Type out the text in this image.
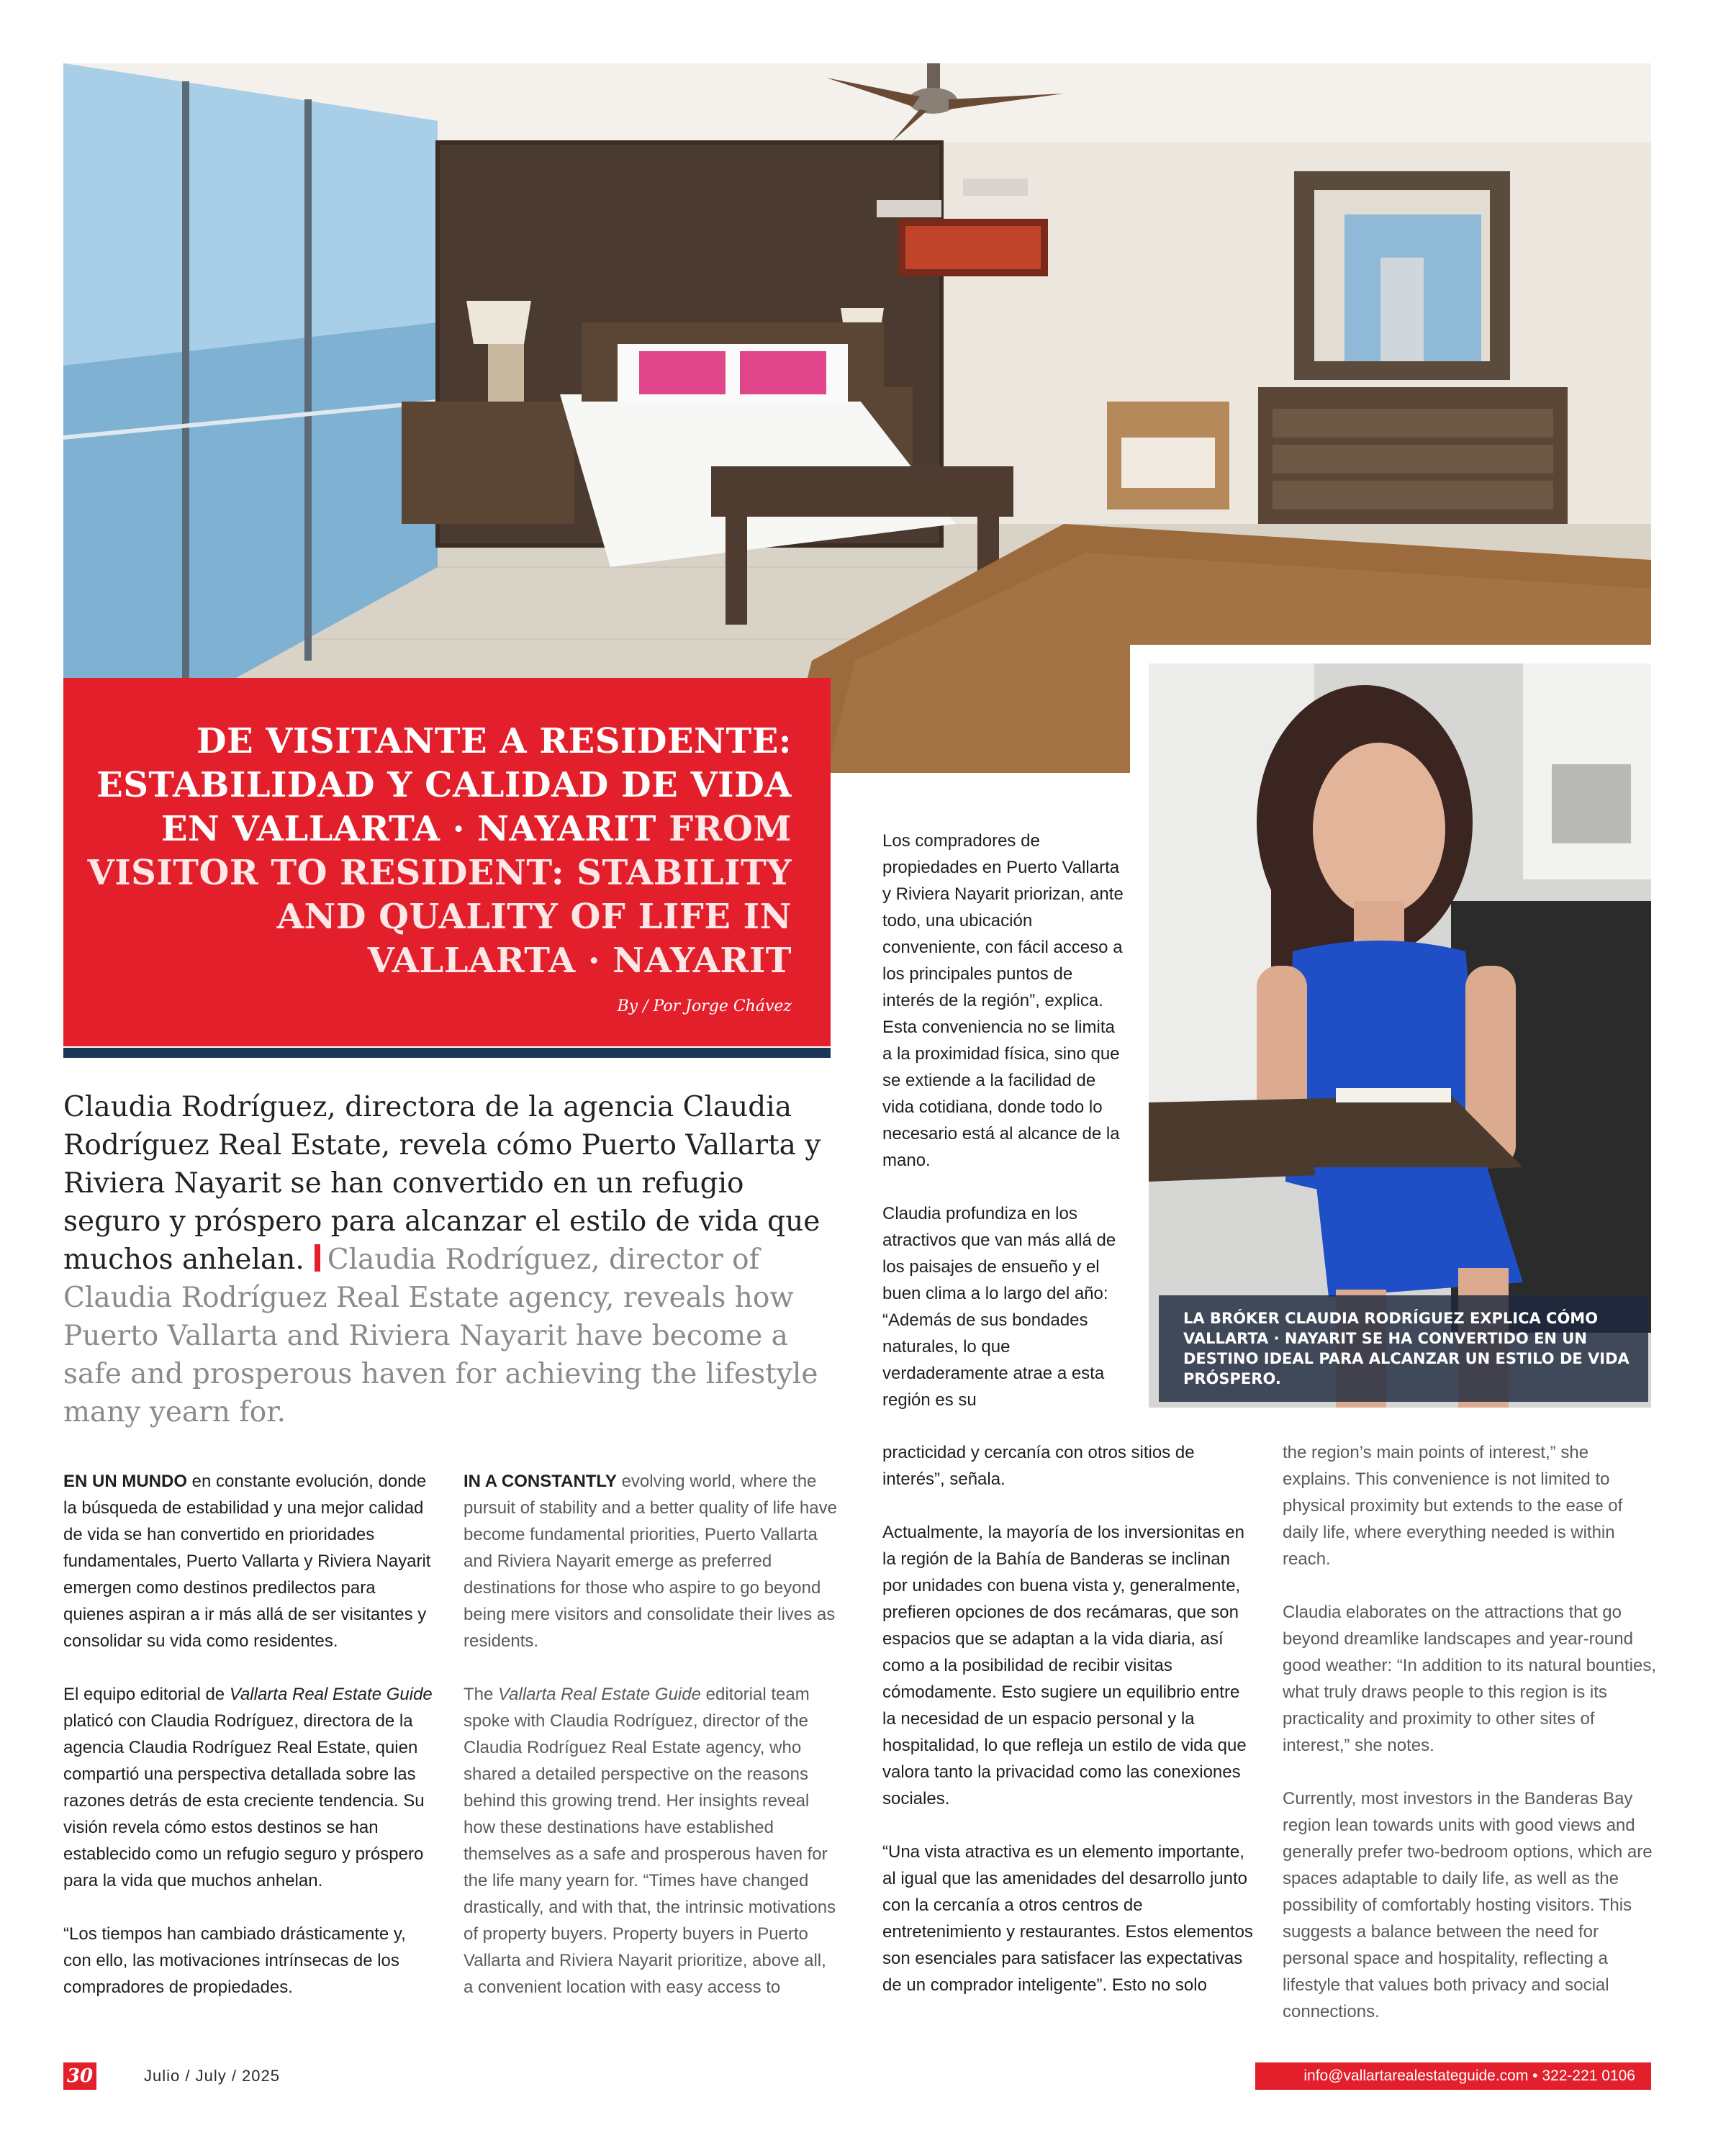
DE VISITANTE A RESIDENTE: ESTABILIDAD Y CALIDAD DE VIDA EN VALLARTA · NAYARIT FROM VISITOR TO RESIDENT: STABILITY AND QUALITY OF LIFE IN VALLARTA · NAYARIT
By / Por Jorge Chávez

LA BRÓKER CLAUDIA RODRÍGUEZ EXPLICA CÓMO VALLARTA · NAYARIT SE HA CONVERTIDO EN UN DESTINO IDEAL PARA ALCANZAR UN ESTILO DE VIDA PRÓSPERO.

Claudia Rodríguez, directora de la agencia Claudia Rodríguez Real Estate, revela cómo Puerto Vallarta y Riviera Nayarit se han convertido en un refugio seguro y próspero para alcanzar el estilo de vida que muchos anhelan. Claudia Rodríguez, director of Claudia Rodríguez Real Estate agency, reveals how Puerto Vallarta and Riviera Nayarit have become a safe and prosperous haven for achieving the lifestyle many yearn for.

EN UN MUNDO en constante evolución, donde la búsqueda de estabilidad y una mejor calidad de vida se han convertido en prioridades fundamentales, Puerto Vallarta y Riviera Nayarit emergen como destinos predilectos para quienes aspiran a ir más allá de ser visitantes y consolidar su vida como residentes.

El equipo editorial de Vallarta Real Estate Guide platicó con Claudia Rodríguez, directora de la agencia Claudia Rodríguez Real Estate, quien compartió una perspectiva detallada sobre las razones detrás de esta creciente tendencia. Su visión revela cómo estos destinos se han establecido como un refugio seguro y próspero para la vida que muchos anhelan.

“Los tiempos han cambiado drásticamente y, con ello, las motivaciones intrínsecas de los compradores de propiedades.

IN A CONSTANTLY evolving world, where the pursuit of stability and a better quality of life have become fundamental priorities, Puerto Vallarta and Riviera Nayarit emerge as preferred destinations for those who aspire to go beyond being mere visitors and consolidate their lives as residents.

The Vallarta Real Estate Guide editorial team spoke with Claudia Rodríguez, director of the Claudia Rodríguez Real Estate agency, who shared a detailed perspective on the reasons behind this growing trend. Her insights reveal how these destinations have established themselves as a safe and prosperous haven for the life many yearn for. “Times have changed drastically, and with that, the intrinsic motivations of property buyers. Property buyers in Puerto Vallarta and Riviera Nayarit prioritize, above all, a convenient location with easy access to

Los compradores de propiedades en Puerto Vallarta y Riviera Nayarit priorizan, ante todo, una ubicación conveniente, con fácil acceso a los principales puntos de interés de la región”, explica. Esta conveniencia no se limita a la proximidad física, sino que se extiende a la facilidad de vida cotidiana, donde todo lo necesario está al alcance de la mano.

Claudia profundiza en los atractivos que van más allá de los paisajes de ensueño y el buen clima a lo largo del año: “Además de sus bondades naturales, lo que verdaderamente atrae a esta región es su

practicidad y cercanía con otros sitios de interés”, señala.

Actualmente, la mayoría de los inversionitas en la región de la Bahía de Banderas se inclinan por unidades con buena vista y, generalmente, prefieren opciones de dos recámaras, que son espacios que se adaptan a la vida diaria, así como a la posibilidad de recibir visitas cómodamente. Esto sugiere un equilibrio entre la necesidad de un espacio personal y la hospitalidad, lo que refleja un estilo de vida que valora tanto la privacidad como las conexiones sociales.

“Una vista atractiva es un elemento importante, al igual que las amenidades del desarrollo junto con la cercanía a otros centros de entretenimiento y restaurantes. Estos elementos son esenciales para satisfacer las expectativas de un comprador inteligente”. Esto no solo

the region’s main points of interest,” she explains. This convenience is not limited to physical proximity but extends to the ease of daily life, where everything needed is within reach.

Claudia elaborates on the attractions that go beyond dreamlike landscapes and year-round good weather: “In addition to its natural bounties, what truly draws people to this region is its practicality and proximity to other sites of interest,” she notes.

Currently, most investors in the Banderas Bay region lean towards units with good views and generally prefer two-bedroom options, which are spaces adaptable to daily life, as well as the possibility of comfortably hosting visitors. This suggests a balance between the need for personal space and hospitality, reflecting a lifestyle that values both privacy and social connections.

30	Julio / July / 2025	info@vallartarealestateguide.com • 322-221 0106
